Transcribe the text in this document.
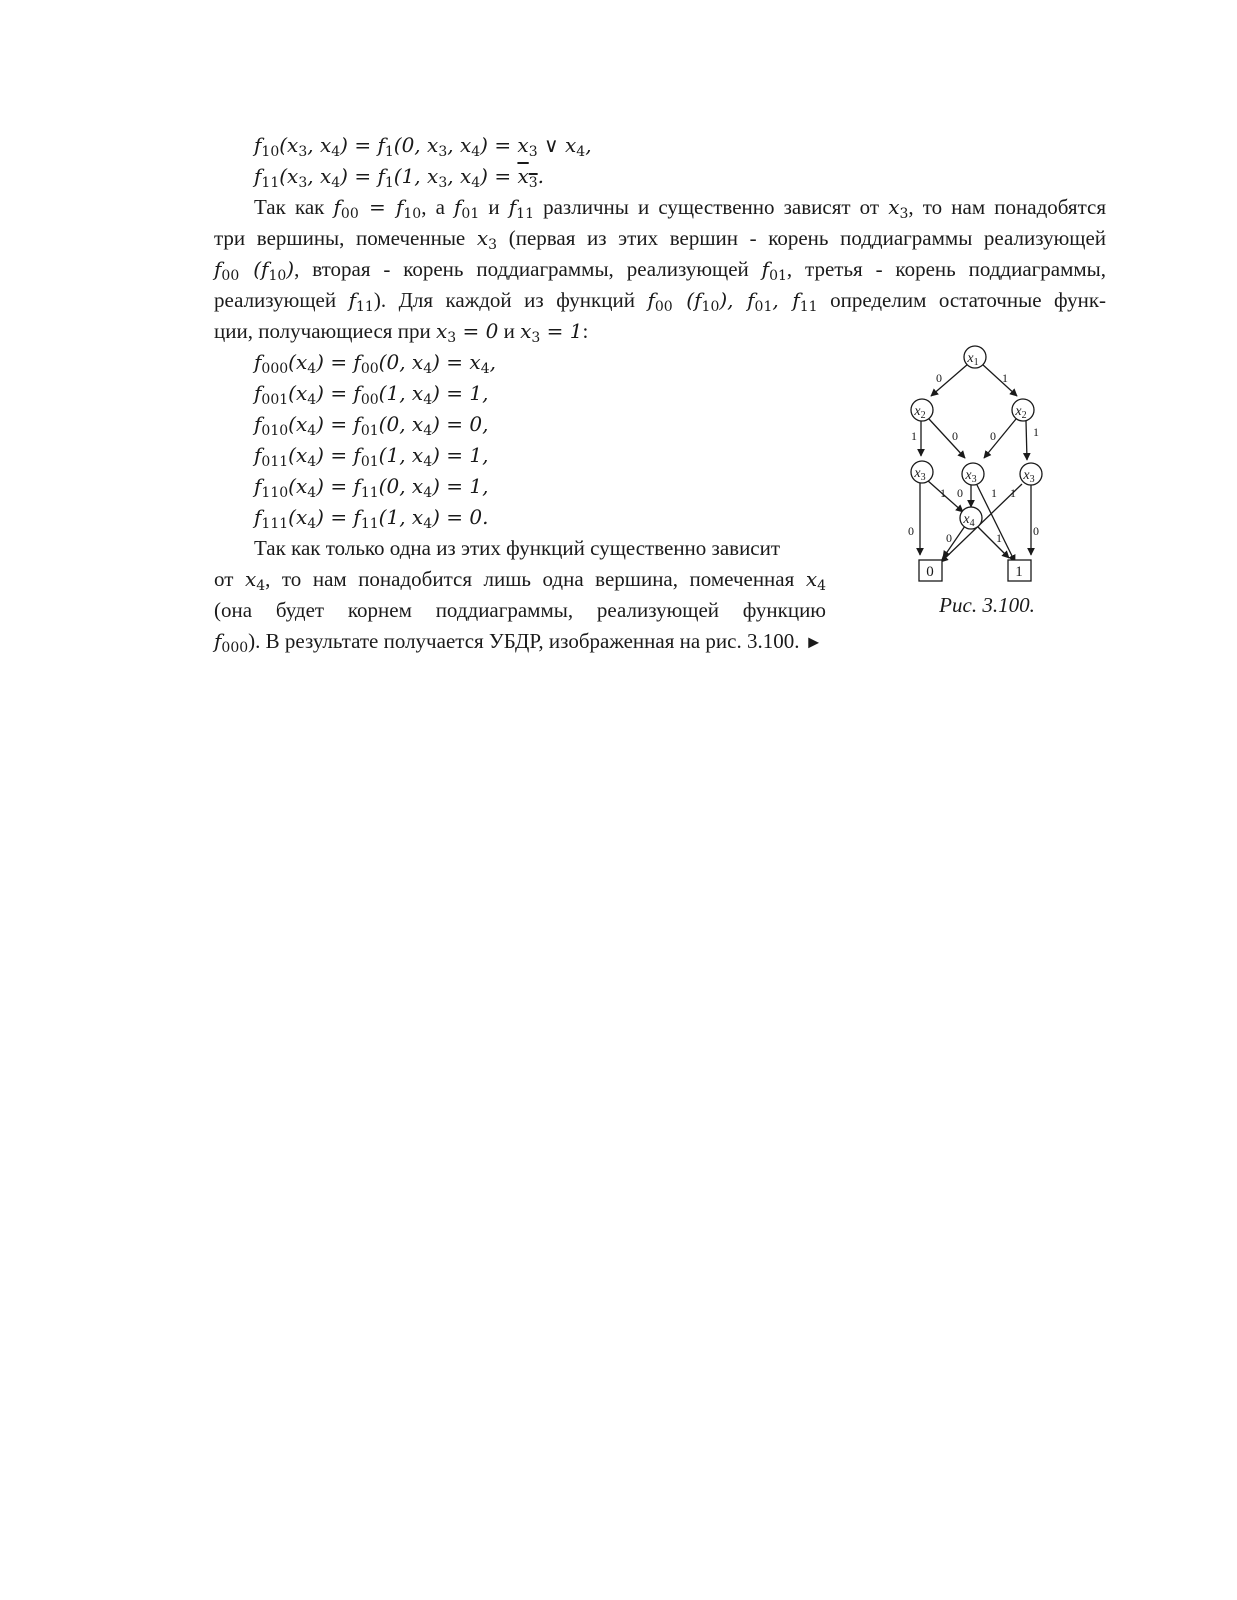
$f_{10}(x_3$, $x_4) = f_1(0$, $x_3$, $x_4) = x_3$ ∨ $x_4$,
$f_{11}(x_3$, $x_4) = f_1(1$, $x_3$, $x_4) = x_3$.
Так как $f_{00} = f_{10}$, а $f_{01}$ и $f_{11}$ различны и существенно зависят от $x_3$, то нам понадобятся
три вершины, помеченные $x_3$ (первая из этих вершин - корень поддиаграммы реализующей
$f_{00}$ $(f_{10})$, вторая - корень поддиаграммы, реализующей $f_{01}$, третья - корень поддиаграммы,
реализующей $f_{11}$). Для каждой из функций $f_{00}$ $(f_{10})$, $f_{01}$, $f_{11}$ определим остаточные функ-
ции, получающиеся при $x_3 = 0$ и $x_3 = 1$:
$f_{000}(x_4) = f_{00}(0$, $x_4) = x_4$,
$f_{001}(x_4) = f_{00}(1$, $x_4) = 1$,
$f_{010}(x_4) = f_{01}(0$, $x_4) = 0$,
$f_{011}(x_4) = f_{01}(1$, $x_4) = 1$,
$f_{110}(x_4) = f_{11}(0$, $x_4) = 1$,
$f_{111}(x_4) = f_{11}(1$, $x_4) = 0$.
Так как только одна из этих функций существенно зависит
от $x_4$, то нам понадобится лишь одна вершина, помеченная $x_4$
(она будет корнем поддиаграммы, реализующей функцию
$f_{000}$). В результате получается УБДР, изображенная на рис. 3.100. ►
$x_1$
$x_2$	$x_2$
$x_3$	$x_3$	$x_3$
$x_4$
0	1
0	1
1	0	0	1
1 0 1 1
0	0	1	0
Рис. 3.100.
